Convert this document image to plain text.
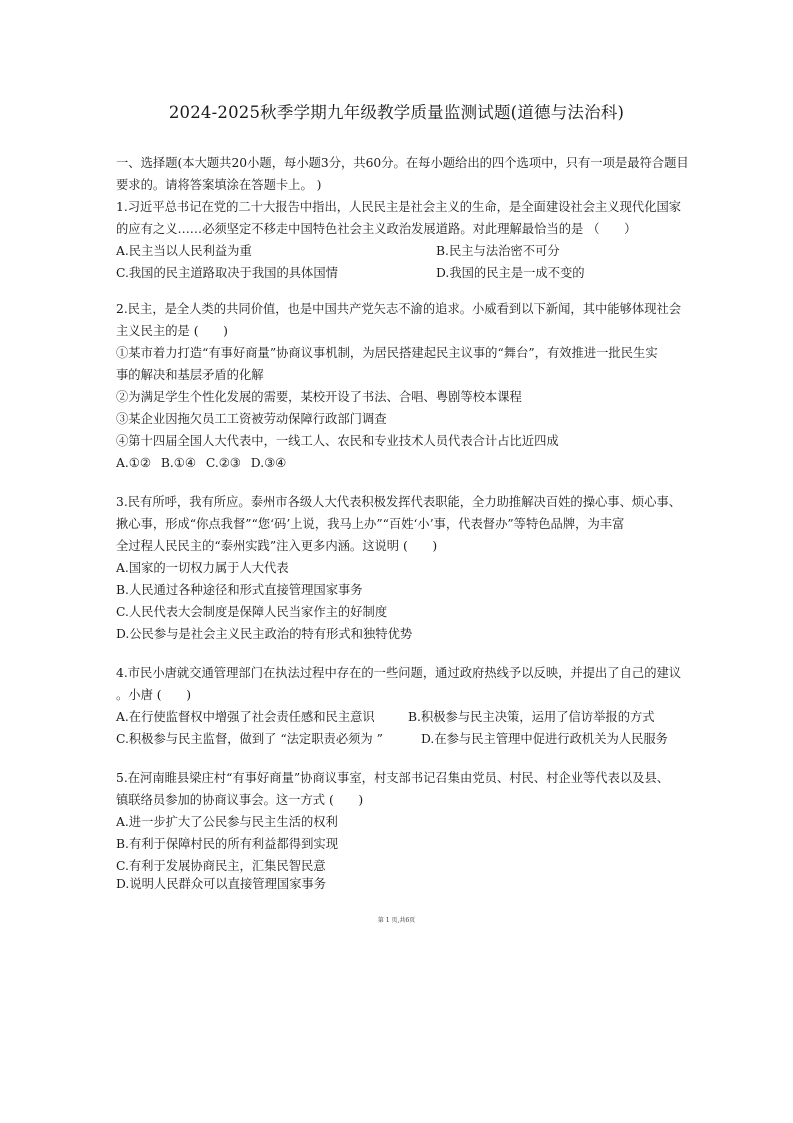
2024-2025秋季学期九年级教学质量监测试题(道德与法治科)
一、选择题(本大题共20小题，每小题3分，共60分。在每小题给出的四个选项中，只有一项是最符合题目
要求的。请将答案填涂在答题卡上。 )
1.习近平总书记在党的二十大报告中指出，人民民主是社会主义的生命，是全面建设社会主义现代化国家
的应有之义……必须坚定不移走中国特色社会主义政治发展道路。对此理解最恰当的是 （　　）
A.民主当以人民利益为重	B.民主与法治密不可分
C.我国的民主道路取决于我国的具体国情	D.我国的民主是一成不变的
2.民主，是全人类的共同价值，也是中国共产党矢志不渝的追求。小威看到以下新闻，其中能够体现社会
主义民主的是 (　　)
①某市着力打造“有事好商量”协商议事机制，为居民搭建起民主议事的“舞台”，有效推进一批民生实
事的解决和基层矛盾的化解
②为满足学生个性化发展的需要，某校开设了书法、合唱、粤剧等校本课程
③某企业因拖欠员工工资被劳动保障行政部门调查
④第十四届全国人大代表中，一线工人、农民和专业技术人员代表合计占比近四成
A.①② B.①④ C.②③ D.③④
3.民有所呼，我有所应。泰州市各级人大代表积极发挥代表职能，全力助推解决百姓的操心事、烦心事、
揪心事，形成“你点我督”“您‘码’上说，我马上办”“百姓‘小’事，代表督办”等特色品牌，为丰富
全过程人民民主的“泰州实践”注入更多内涵。这说明 (　　)
A.国家的一切权力属于人大代表
B.人民通过各种途径和形式直接管理国家事务
C.人民代表大会制度是保障人民当家作主的好制度
D.公民参与是社会主义民主政治的特有形式和独特优势
4.市民小唐就交通管理部门在执法过程中存在的一些问题，通过政府热线予以反映，并提出了自己的建议
。小唐 (　　)
A.在行使监督权中增强了社会责任感和民主意识	B.积极参与民主决策，运用了信访举报的方式
C.积极参与民主监督，做到了 “法定职责必须为 ”	D.在参与民主管理中促进行政机关为人民服务
5.在河南睢县梁庄村“有事好商量”协商议事室，村支部书记召集由党员、村民、村企业等代表以及县、
镇联络员参加的协商议事会。这一方式 (　　)
A.进一步扩大了公民参与民主生活的权利
B.有利于保障村民的所有利益都得到实现
C.有利于发展协商民主，汇集民智民意
D.说明人民群众可以直接管理国家事务
第 1 页,共6页
